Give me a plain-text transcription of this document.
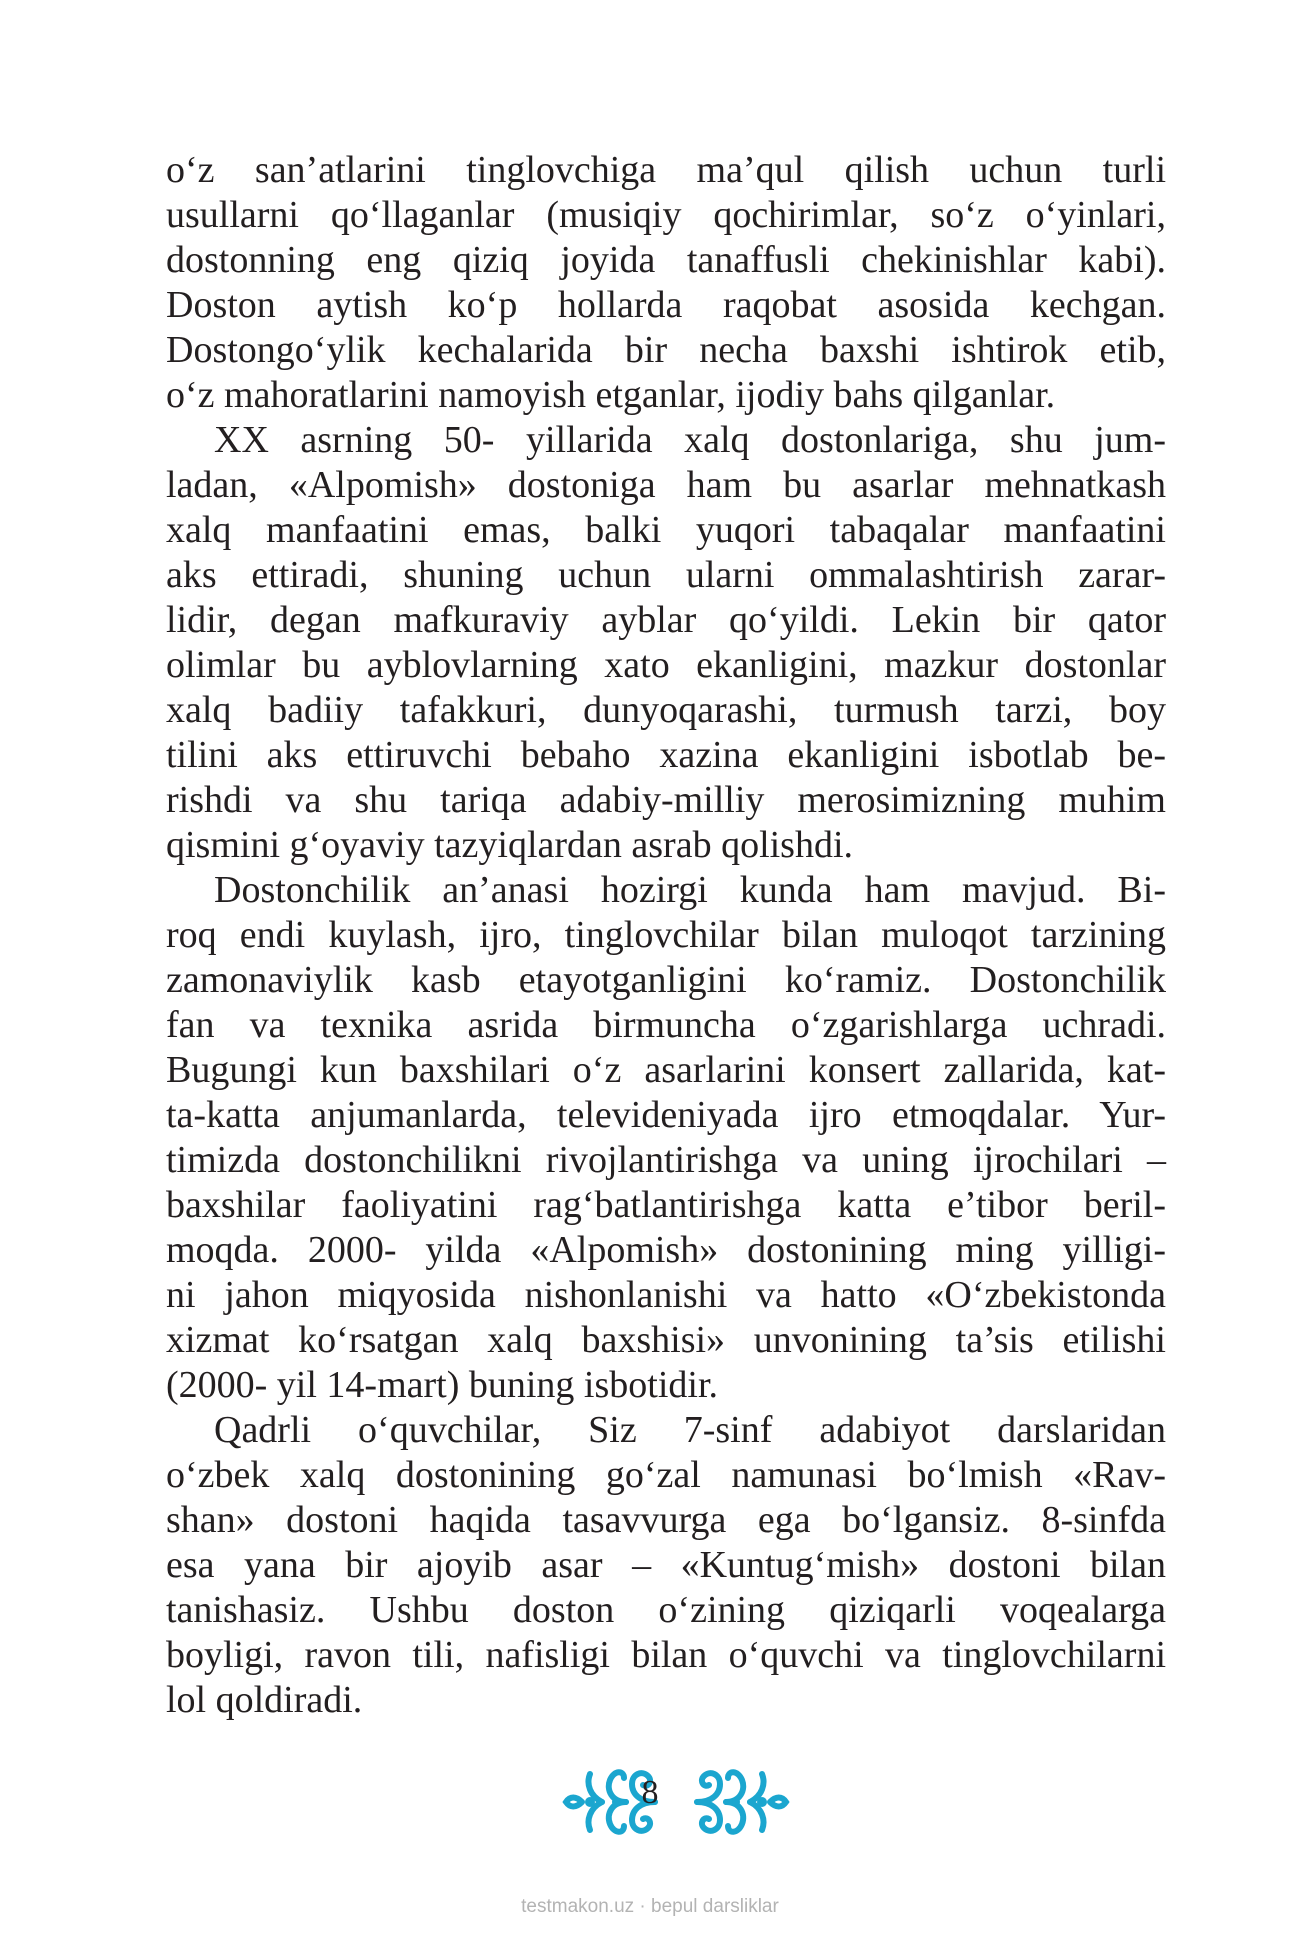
o‘z san’atlarini tinglovchiga ma’qul qilish uchun turli
usullarni qo‘llaganlar (musiqiy qochirimlar, so‘z o‘yinlari,
dostonning eng qiziq joyida tanaffusli chekinishlar kabi).
Doston aytish ko‘p hollarda raqobat asosida kechgan.
Dostongo‘ylik kechalarida bir necha baxshi ishtirok etib,
o‘z mahoratlarini namoyish etganlar, ijodiy bahs qilganlar.
XX asrning 50- yillarida xalq dostonlariga, shu jum-
ladan, «Alpomish» dostoniga ham bu asarlar mehnatkash
xalq manfaatini emas, balki yuqori tabaqalar manfaatini
aks ettiradi, shuning uchun ularni ommalashtirish zarar-
lidir, degan mafkuraviy ayblar qo‘yildi. Lekin bir qator
olimlar bu ayblovlarning xato ekanligini, mazkur dostonlar
xalq badiiy tafakkuri, dunyoqarashi, turmush tarzi, boy
tilini aks ettiruvchi bebaho xazina ekanligini isbotlab be-
rishdi va shu tariqa adabiy-milliy merosimizning muhim
qismini g‘oyaviy tazyiqlardan asrab qolishdi.
Dostonchilik an’anasi hozirgi kunda ham mavjud. Bi-
roq endi kuylash, ijro, tinglovchilar bilan muloqot tarzining
zamonaviylik kasb etayotganligini ko‘ramiz. Dostonchilik
fan va texnika asrida birmuncha o‘zgarishlarga uchradi.
Bugungi kun baxshilari o‘z asarlarini konsert zallarida, kat-
ta-katta anjumanlarda, televideniyada ijro etmoqdalar. Yur-
timizda dostonchilikni rivojlantirishga va uning ijrochilari –
baxshilar faoliyatini rag‘batlantirishga katta e’tibor beril-
moqda. 2000- yilda «Alpomish» dostonining ming yilligi-
ni jahon miqyosida nishonlanishi va hatto «O‘zbekistonda
xizmat ko‘rsatgan xalq baxshisi» unvonining ta’sis etilishi
(2000- yil 14-mart) buning isbotidir.
Qadrli o‘quvchilar, Siz 7-sinf adabiyot darslaridan
o‘zbek xalq dostonining go‘zal namunasi bo‘lmish «Rav-
shan» dostoni haqida tasavvurga ega bo‘lgansiz. 8-sinfda
esa yana bir ajoyib asar – «Kuntug‘mish» dostoni bilan
tanishasiz. Ushbu doston o‘zining qiziqarli voqealarga
boyligi, ravon tili, nafisligi bilan o‘quvchi va tinglovchilarni
lol qoldiradi.
8
testmakon.uz · bepul darsliklar
